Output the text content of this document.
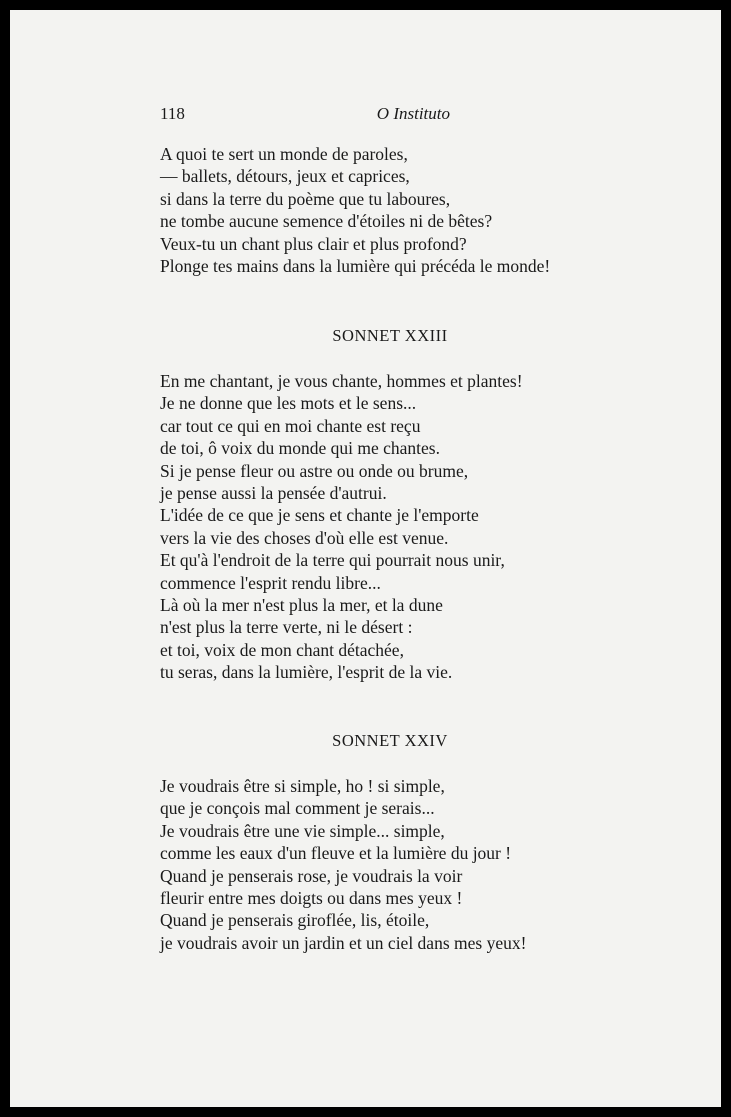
118	O Instituto
A quoi te sert un monde de paroles,
— ballets, détours, jeux et caprices,
si dans la terre du poème que tu laboures,
ne tombe aucune semence d'étoiles ni de bêtes?
Veux-tu un chant plus clair et plus profond?
Plonge tes mains dans la lumière qui précéda le monde!
SONNET XXIII
En me chantant, je vous chante, hommes et plantes!
Je ne donne que les mots et le sens...
car tout ce qui en moi chante est reçu
de toi, ô voix du monde qui me chantes.
Si je pense fleur ou astre ou onde ou brume,
je pense aussi la pensée d'autrui.
L'idée de ce que je sens et chante je l'emporte
vers la vie des choses d'où elle est venue.
Et qu'à l'endroit de la terre qui pourrait nous unir,
commence l'esprit rendu libre...
Là où la mer n'est plus la mer, et la dune
n'est plus la terre verte, ni le désert :
et toi, voix de mon chant détachée,
tu seras, dans la lumière, l'esprit de la vie.
SONNET XXIV
Je voudrais être si simple, ho ! si simple,
que je conçois mal comment je serais...
Je voudrais être une vie simple... simple,
comme les eaux d'un fleuve et la lumière du jour !
Quand je penserais rose, je voudrais la voir
fleurir entre mes doigts ou dans mes yeux !
Quand je penserais giroflée, lis, étoile,
je voudrais avoir un jardin et un ciel dans mes yeux!
